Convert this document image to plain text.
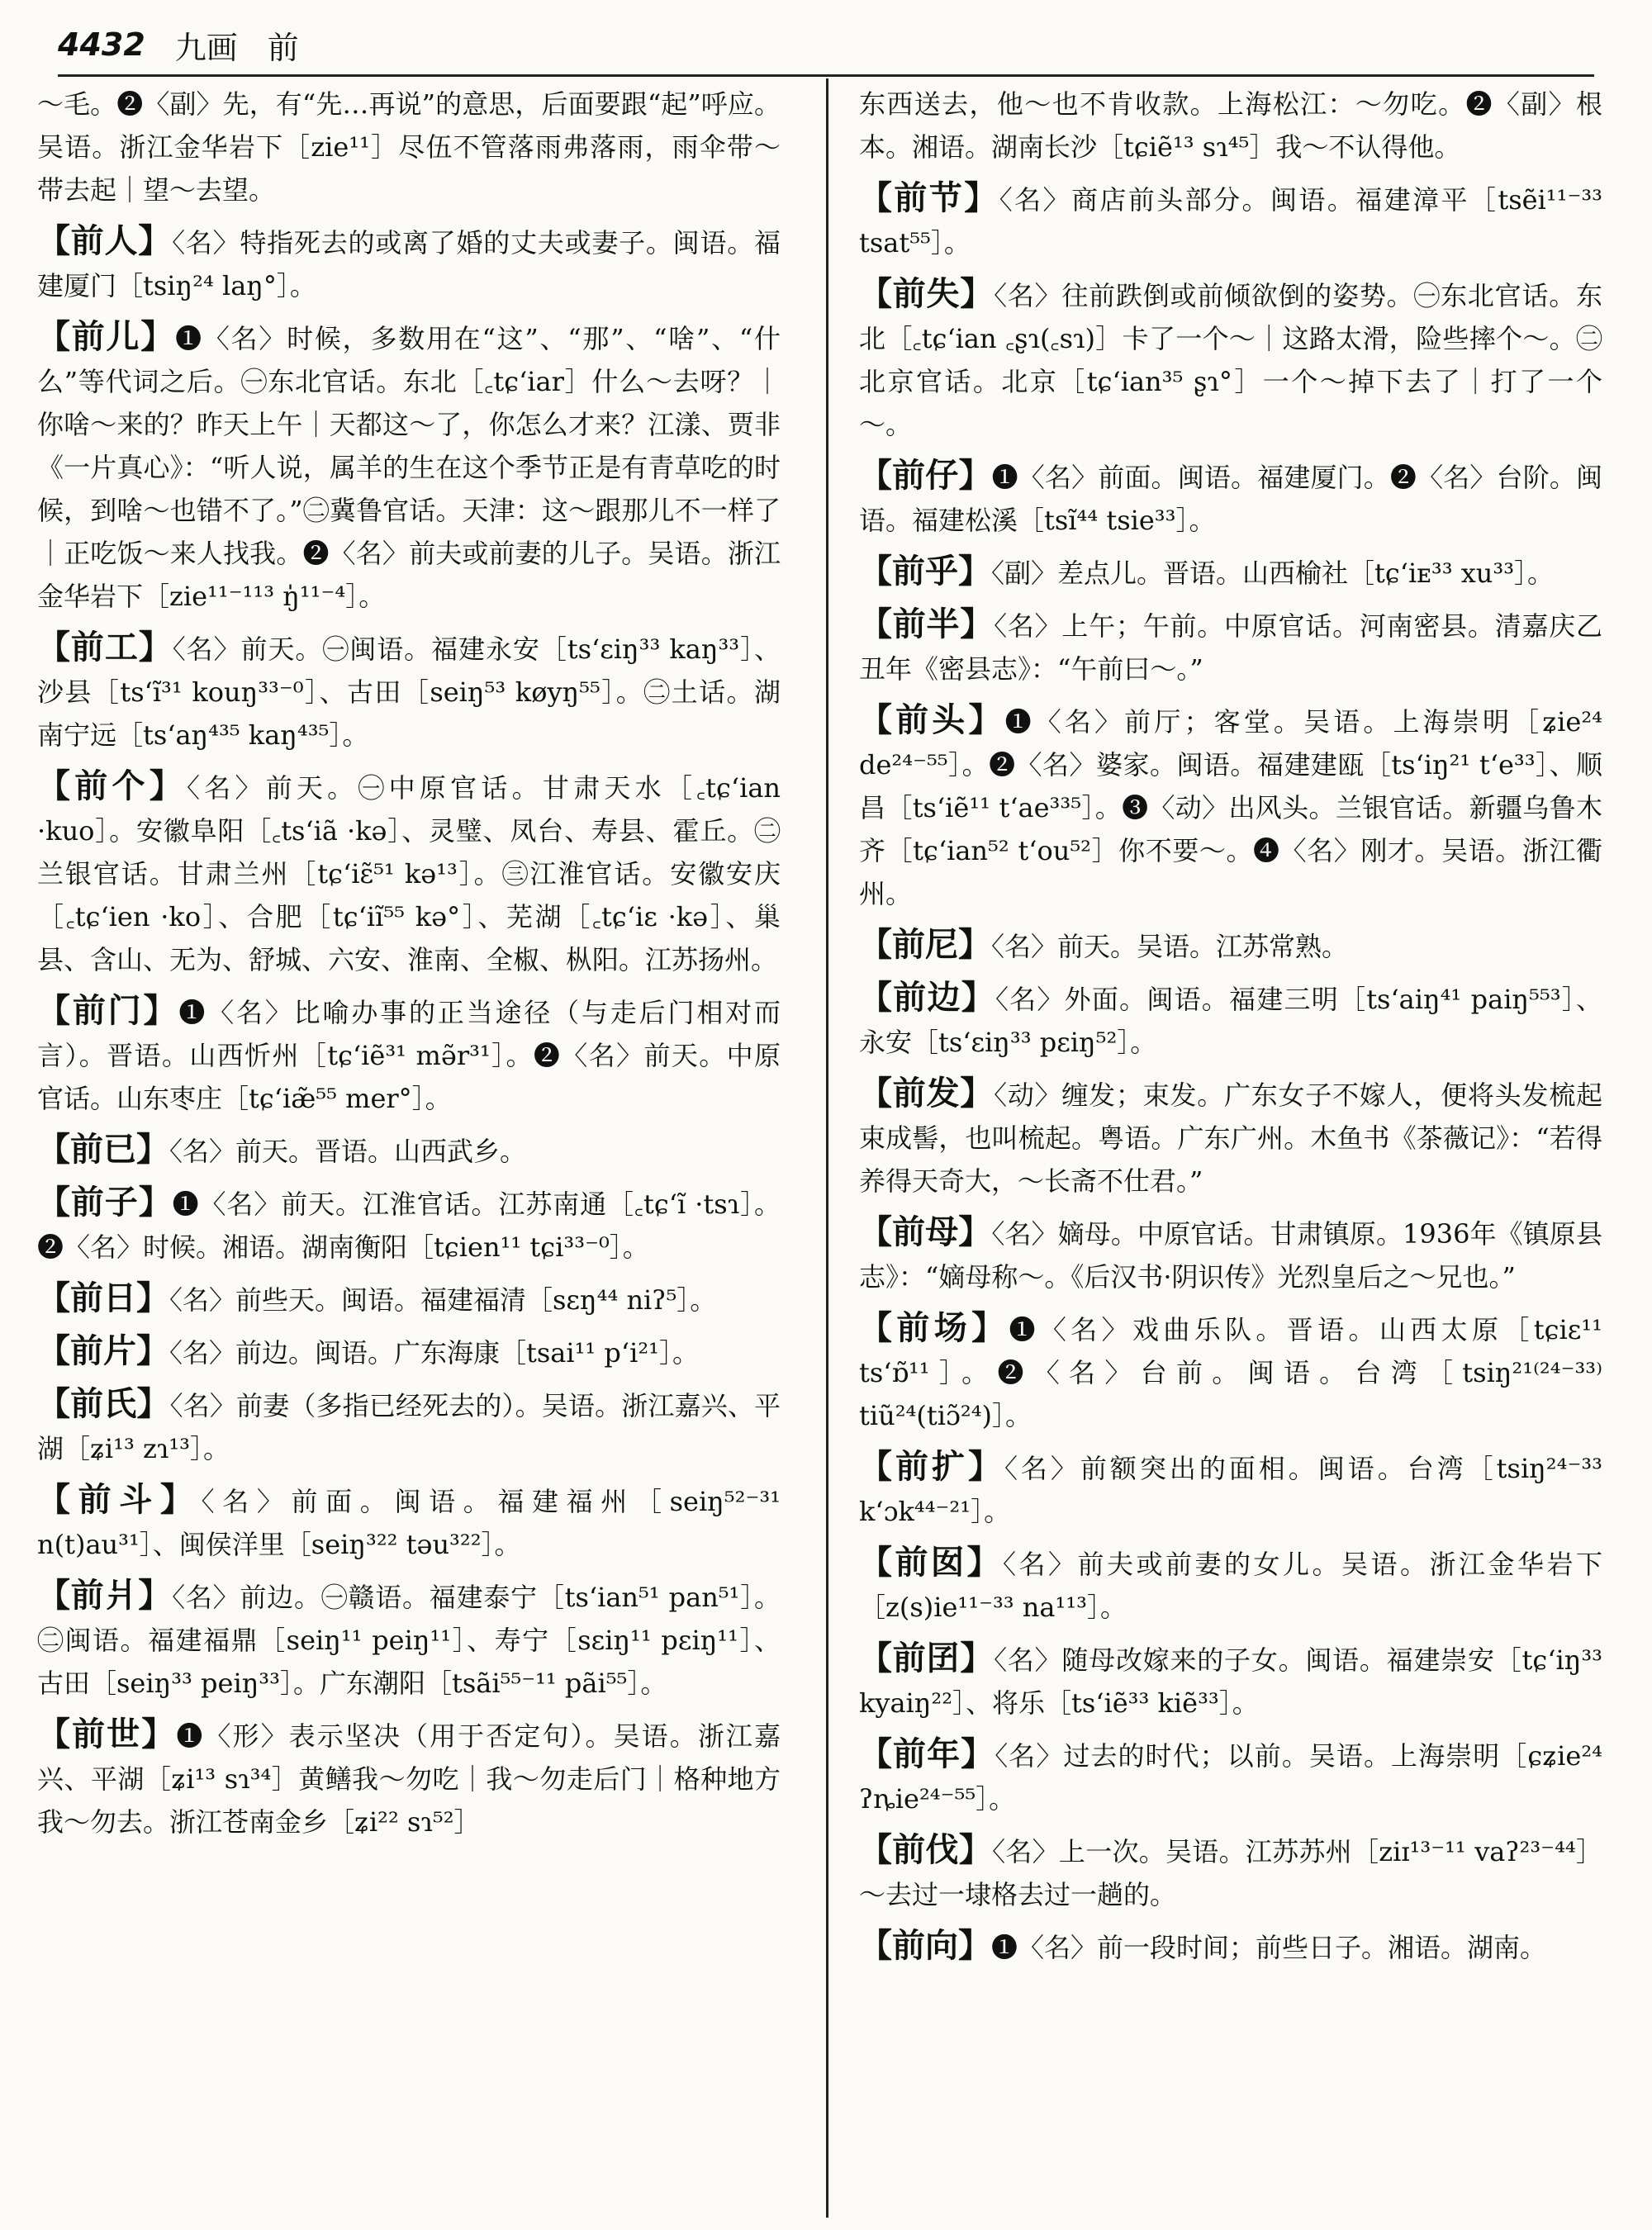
4432 九画 前
～毛。❷〈副〉先，有“先…再说”的意思，后面要跟“起”呼应。吴语。浙江金华岩下［zie¹¹］尽伍不管落雨弗落雨，雨伞带～带去起｜望～去望。
【前人】〈名〉特指死去的或离了婚的丈夫或妻子。闽语。福建厦门［tsiŋ²⁴ laŋ°］。
【前儿】❶〈名〉时候，多数用在“这”、“那”、“啥”、“什么”等代词之后。㊀东北官话。东北［꜀tɕʻiar］什么～去呀？｜你啥～来的？昨天上午｜天都这～了，你怎么才来？江漾、贾非《一片真心》：“听人说，属羊的生在这个季节正是有青草吃的时候，到啥～也错不了。”㊁冀鲁官话。天津：这～跟那儿不一样了｜正吃饭～来人找我。❷〈名〉前夫或前妻的儿子。吴语。浙江金华岩下［zie¹¹⁻¹¹³ ŋ̍¹¹⁻⁴］。
【前工】〈名〉前天。㊀闽语。福建永安［tsʻɛiŋ³³ kaŋ³³］、沙县［tsʻĩ³¹ kouŋ³³⁻⁰］、古田［seiŋ⁵³ køyŋ⁵⁵］。㊁土话。湖南宁远［tsʻaŋ⁴³⁵ kaŋ⁴³⁵］。
【前个】〈名〉前天。㊀中原官话。甘肃天水［꜀tɕʻian ·kuo］。安徽阜阳［꜀tsʻiã ·kə］、灵璧、凤台、寿县、霍丘。㊁兰银官话。甘肃兰州［tɕʻiɛ̃⁵¹ kə¹³］。㊂江淮官话。安徽安庆［꜀tɕʻien ·ko］、合肥［tɕʻiĩ⁵⁵ kə°］、芜湖［꜀tɕʻiɛ ·kə］、巢县、含山、无为、舒城、六安、淮南、全椒、枞阳。江苏扬州。
【前门】❶〈名〉比喻办事的正当途径（与走后门相对而言）。晋语。山西忻州［tɕʻiẽ³¹ mə̃r³¹］。❷〈名〉前天。中原官话。山东枣庄［tɕʻiæ̃⁵⁵ mer°］。
【前已】〈名〉前天。晋语。山西武乡。
【前子】❶〈名〉前天。江淮官话。江苏南通［꜀tɕʻĩ ·tsɿ］。❷〈名〉时候。湘语。湖南衡阳［tɕien¹¹ tɕi³³⁻⁰］。
【前日】〈名〉前些天。闽语。福建福清［sɛŋ⁴⁴ niʔ⁵］。
【前片】〈名〉前边。闽语。广东海康［tsai¹¹ pʻi²¹］。
【前氏】〈名〉前妻（多指已经死去的）。吴语。浙江嘉兴、平湖［ʑi¹³ zɿ¹³］。
【前斗】〈名〉前面。闽语。福建福州［seiŋ⁵²⁻³¹ n(t)au³¹］、闽侯洋里［seiŋ³²² təu³²²］。
【前爿】〈名〉前边。㊀赣语。福建泰宁［tsʻian⁵¹ pan⁵¹］。㊁闽语。福建福鼎［seiŋ¹¹ peiŋ¹¹］、寿宁［sɛiŋ¹¹ pɛiŋ¹¹］、古田［seiŋ³³ peiŋ³³］。广东潮阳［tsãi⁵⁵⁻¹¹ pãi⁵⁵］。
【前世】❶〈形〉表示坚决（用于否定句）。吴语。浙江嘉兴、平湖［ʑi¹³ sɿ³⁴］黄鳝我～勿吃｜我～勿走后门｜格种地方我～勿去。浙江苍南金乡［ʑi²² sɿ⁵²］
东西送去，他～也不肯收款。上海松江：～勿吃。❷〈副〉根本。湘语。湖南长沙［tɕiẽ¹³ sɿ⁴⁵］我～不认得他。
【前节】〈名〉商店前头部分。闽语。福建漳平［tsẽi¹¹⁻³³ tsat⁵⁵］。
【前失】〈名〉往前跌倒或前倾欲倒的姿势。㊀东北官话。东北［꜀tɕʻian ꜀ʂɿ(꜀sɿ)］卡了一个～｜这路太滑，险些摔个～。㊁北京官话。北京［tɕʻian³⁵ ʂɿ°］一个～掉下去了｜打了一个～。
【前仔】❶〈名〉前面。闽语。福建厦门。❷〈名〉台阶。闽语。福建松溪［tsĩ⁴⁴ tsie³³］。
【前乎】〈副〉差点儿。晋语。山西榆社［tɕʻiᴇ³³ xu³³］。
【前半】〈名〉上午；午前。中原官话。河南密县。清嘉庆乙丑年《密县志》：“午前曰～。”
【前头】❶〈名〉前厅；客堂。吴语。上海崇明［ʑie²⁴ de²⁴⁻⁵⁵］。❷〈名〉婆家。闽语。福建建瓯［tsʻiŋ²¹ tʻe³³］、顺昌［tsʻiẽ¹¹ tʻae³³⁵］。❸〈动〉出风头。兰银官话。新疆乌鲁木齐［tɕʻian⁵² tʻou⁵²］你不要～。❹〈名〉刚才。吴语。浙江衢州。
【前尼】〈名〉前天。吴语。江苏常熟。
【前边】〈名〉外面。闽语。福建三明［tsʻaiŋ⁴¹ paiŋ⁵⁵³］、永安［tsʻɛiŋ³³ pɛiŋ⁵²］。
【前发】〈动〉缠发；束发。广东女子不嫁人，便将头发梳起束成髻，也叫梳起。粤语。广东广州。木鱼书《茶薇记》：“若得养得天奇大，～长斋不仕君。”
【前母】〈名〉嫡母。中原官话。甘肃镇原。1936年《镇原县志》：“嫡母称～。《后汉书·阴识传》光烈皇后之～兄也。”
【前场】❶〈名〉戏曲乐队。晋语。山西太原［tɕiɛ¹¹ tsʻɒ̃¹¹］。❷〈名〉台前。闽语。台湾［tsiŋ²¹⁽²⁴⁻³³⁾ tiũ²⁴(tiɔ̃²⁴)］。
【前扩】〈名〉前额突出的面相。闽语。台湾［tsiŋ²⁴⁻³³ kʻɔk⁴⁴⁻²¹］。
【前囡】〈名〉前夫或前妻的女儿。吴语。浙江金华岩下［z(s)ie¹¹⁻³³ na¹¹³］。
【前囝】〈名〉随母改嫁来的子女。闽语。福建崇安［tɕʻiŋ³³ kyaiŋ²²］、将乐［tsʻiẽ³³ kiẽ³³］。
【前年】〈名〉过去的时代；以前。吴语。上海崇明［ɕʑie²⁴ ʔȵie²⁴⁻⁵⁵］。
【前伐】〈名〉上一次。吴语。江苏苏州［ziɪ¹³⁻¹¹ vaʔ²³⁻⁴⁴］～去过一埭格去过一趟的。
【前向】❶〈名〉前一段时间；前些日子。湘语。湖南。
